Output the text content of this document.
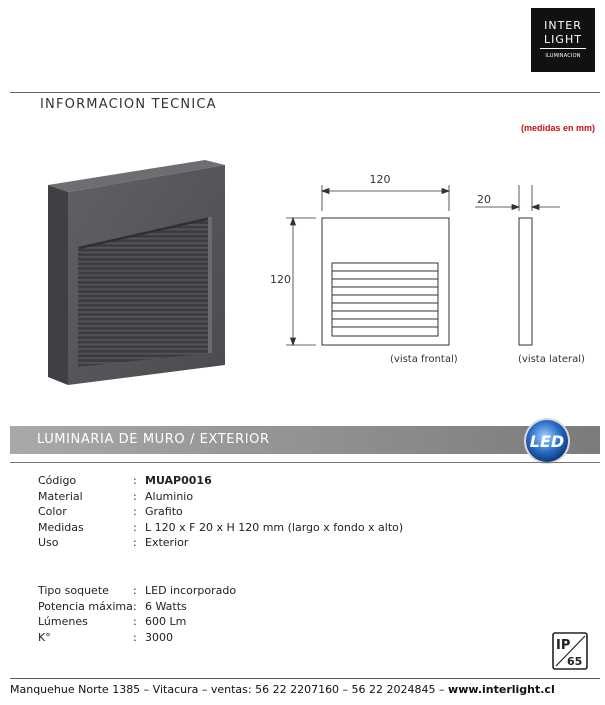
INTER
LIGHT
ILUMINACION
INFORMACION TECNICA
(medidas en mm)
120
120
20
(vista frontal)	(vista lateral)
LUMINARIA DE MURO / EXTERIOR	LED
Código	: MUAP0016
Material	: Aluminio
Color	: Grafito
Medidas	: L 120 x F 20 x H 120 mm (largo x fondo x alto)
Uso	: Exterior
Tipo soquete : LED incorporado
Potencia máxima : 6 Watts
Lúmenes	: 600 Lm
K°	: 3000
IP
65
Manquehue Norte 1385 – Vitacura – ventas: 56 22 2207160 – 56 22 2024845 – www.interlight.cl
